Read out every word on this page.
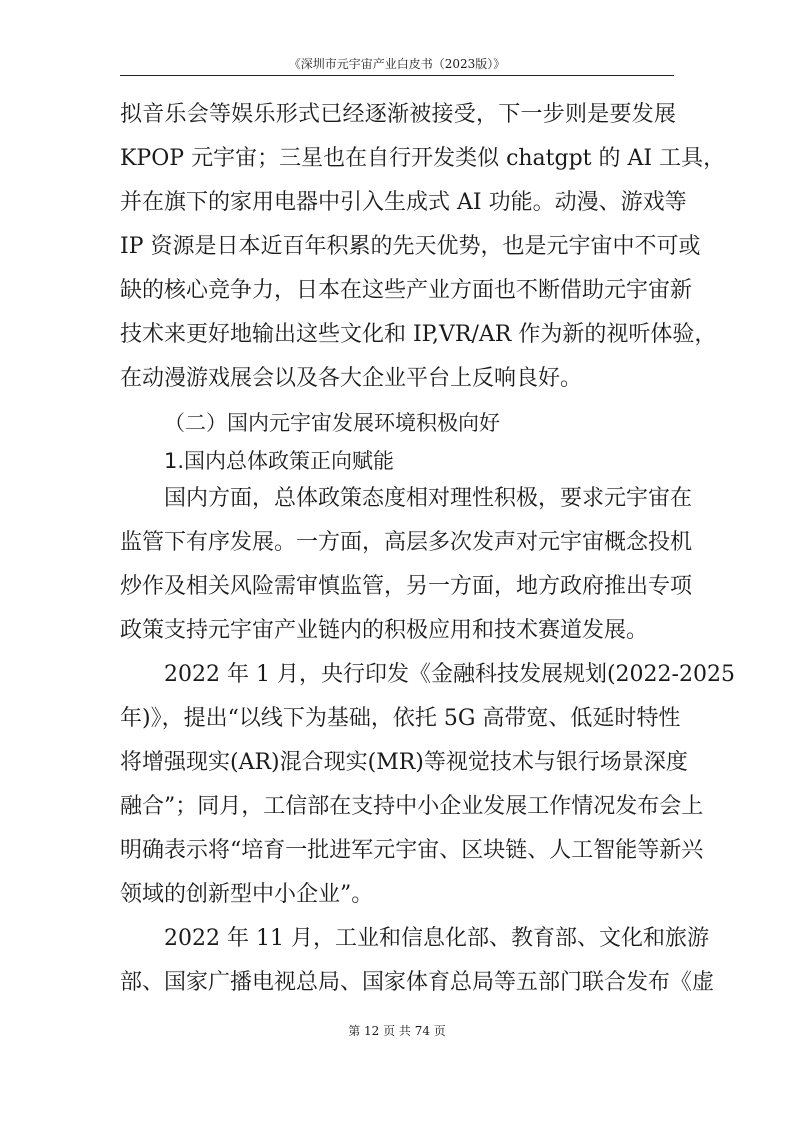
《深圳市元宇宙产业白皮书（2023版）》
拟音乐会等娱乐形式已经逐渐被接受，下一步则是要发展
KPOP 元宇宙；三星也在自行开发类似 chatgpt 的 AI 工具，
并在旗下的家用电器中引入生成式 AI 功能。动漫、游戏等
IP 资源是日本近百年积累的先天优势，也是元宇宙中不可或
缺的核心竞争力，日本在这些产业方面也不断借助元宇宙新
技术来更好地输出这些文化和 IP,VR/AR 作为新的视听体验，
在动漫游戏展会以及各大企业平台上反响良好。
（二）国内元宇宙发展环境积极向好
1.国内总体政策正向赋能
国内方面，总体政策态度相对理性积极，要求元宇宙在
监管下有序发展。一方面，高层多次发声对元宇宙概念投机
炒作及相关风险需审慎监管，另一方面，地方政府推出专项
政策支持元宇宙产业链内的积极应用和技术赛道发展。
2022 年 1 月，央行印发《金融科技发展规划(2022-2025
年)》，提出“以线下为基础，依托 5G 高带宽、低延时特性
将增强现实(AR)混合现实(MR)等视觉技术与银行场景深度
融合”；同月，工信部在支持中小企业发展工作情况发布会上
明确表示将“培育一批进军元宇宙、区块链、人工智能等新兴
领域的创新型中小企业”。
2022 年 11 月，工业和信息化部、教育部、文化和旅游
部、国家广播电视总局、国家体育总局等五部门联合发布《虚
第 12 页 共 74 页
